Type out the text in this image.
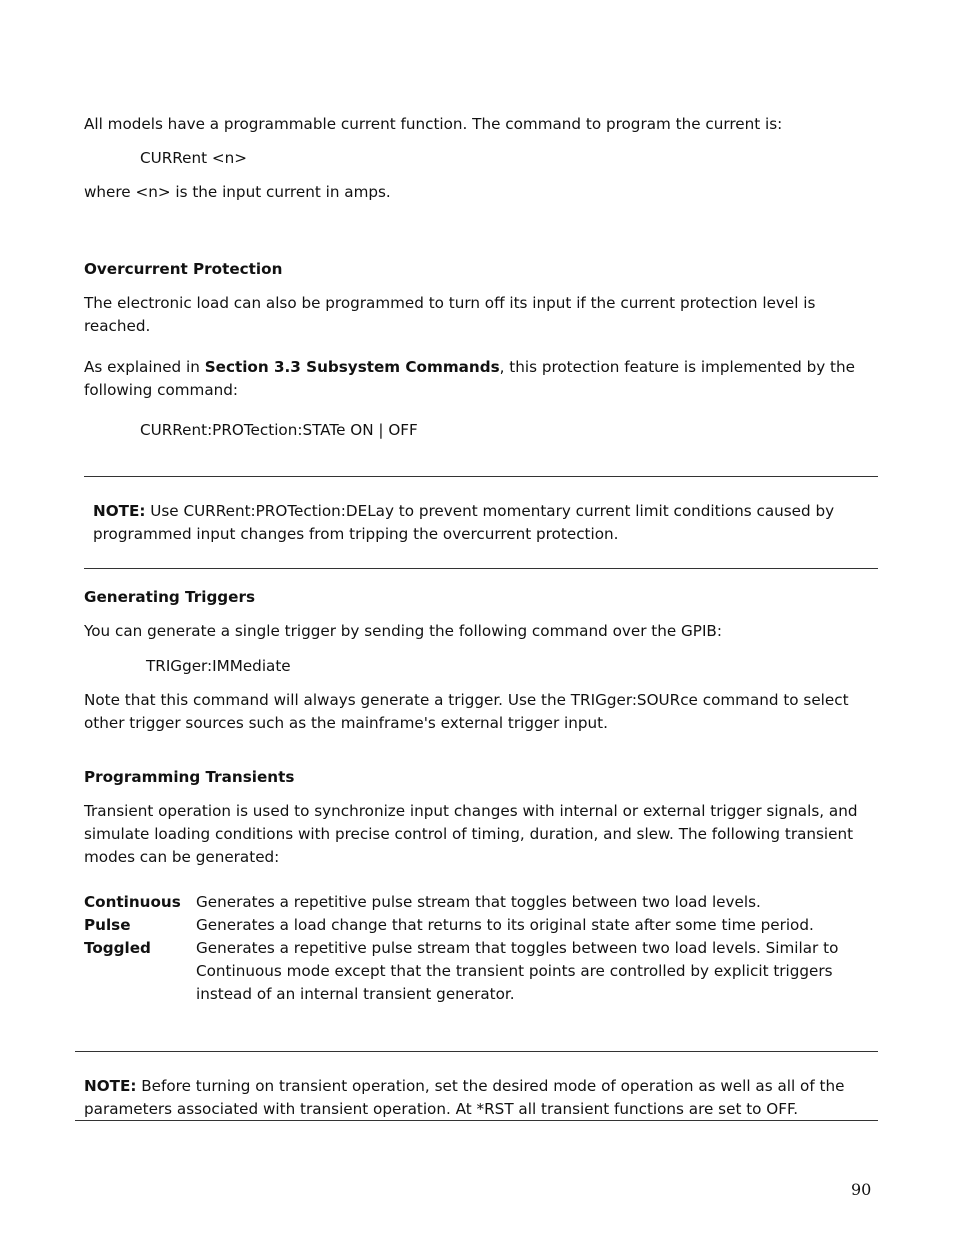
All models have a programmable current function. The command to program the current is:
CURRent <n>
where <n> is the input current in amps.
Overcurrent Protection
The electronic load can also be programmed to turn off its input if the current protection level is reached.
As explained in Section 3.3 Subsystem Commands, this protection feature is implemented by the following command:
CURRent:PROTection:STATe ON | OFF
NOTE: Use CURRent:PROTection:DELay to prevent momentary current limit conditions caused by programmed input changes from tripping the overcurrent protection.
Generating Triggers
You can generate a single trigger by sending the following command over the GPIB:
TRIGger:IMMediate
Note that this command will always generate a trigger. Use the TRIGger:SOURce command to select other trigger sources such as the mainframe's external trigger input.
Programming Transients
Transient operation is used to synchronize input changes with internal or external trigger signals, and simulate loading conditions with precise control of timing, duration, and slew. The following transient modes can be generated:
Continuous Generates a repetitive pulse stream that toggles between two load levels.
Pulse	Generates a load change that returns to its original state after some time period.
Toggled	Generates a repetitive pulse stream that toggles between two load levels. Similar to Continuous mode except that the transient points are controlled by explicit triggers instead of an internal transient generator.
NOTE: Before turning on transient operation, set the desired mode of operation as well as all of the parameters associated with transient operation. At *RST all transient functions are set to OFF.
90
